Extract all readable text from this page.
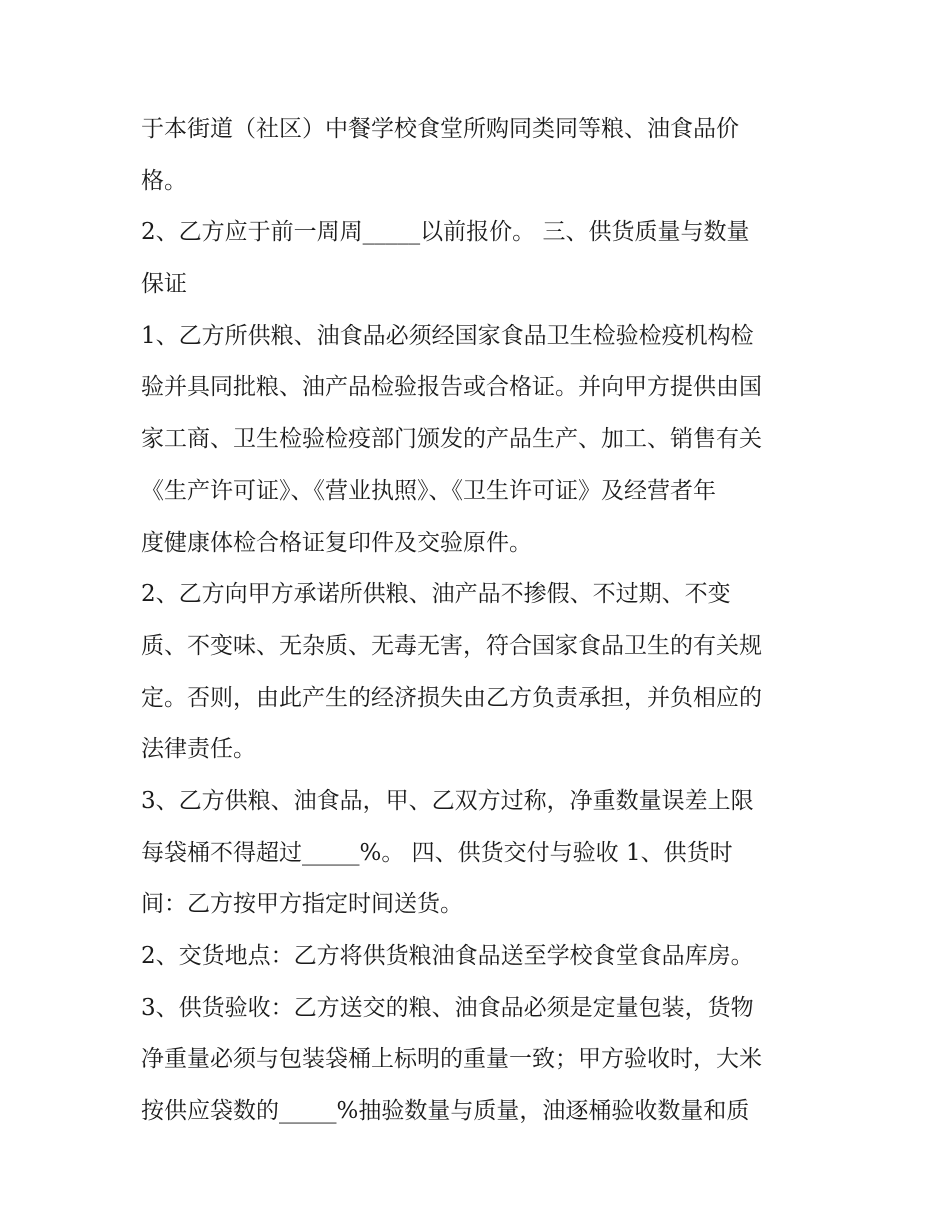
于本街道（社区）中餐学校食堂所购同类同等粮、油食品价

格。

2、乙方应于前一周周_____以前报价。 三、供货质量与数量

保证

1、乙方所供粮、油食品必须经国家食品卫生检验检疫机构检

验并具同批粮、油产品检验报告或合格证。并向甲方提供由国

家工商、卫生检验检疫部门颁发的产品生产、加工、销售有关

《生产许可证》、《营业执照》、《卫生许可证》及经营者年

度健康体检合格证复印件及交验原件。

2、乙方向甲方承诺所供粮、油产品不掺假、不过期、不变

质、不变味、无杂质、无毒无害，符合国家食品卫生的有关规

定。否则，由此产生的经济损失由乙方负责承担，并负相应的

法律责任。

3、乙方供粮、油食品，甲、乙双方过称，净重数量误差上限

每袋桶不得超过_____%。 四、供货交付与验收 1、供货时

间：乙方按甲方指定时间送货。

2、交货地点：乙方将供货粮油食品送至学校食堂食品库房。

3、供货验收：乙方送交的粮、油食品必须是定量包装，货物

净重量必须与包装袋桶上标明的重量一致；甲方验收时，大米

按供应袋数的_____%抽验数量与质量，油逐桶验收数量和质
